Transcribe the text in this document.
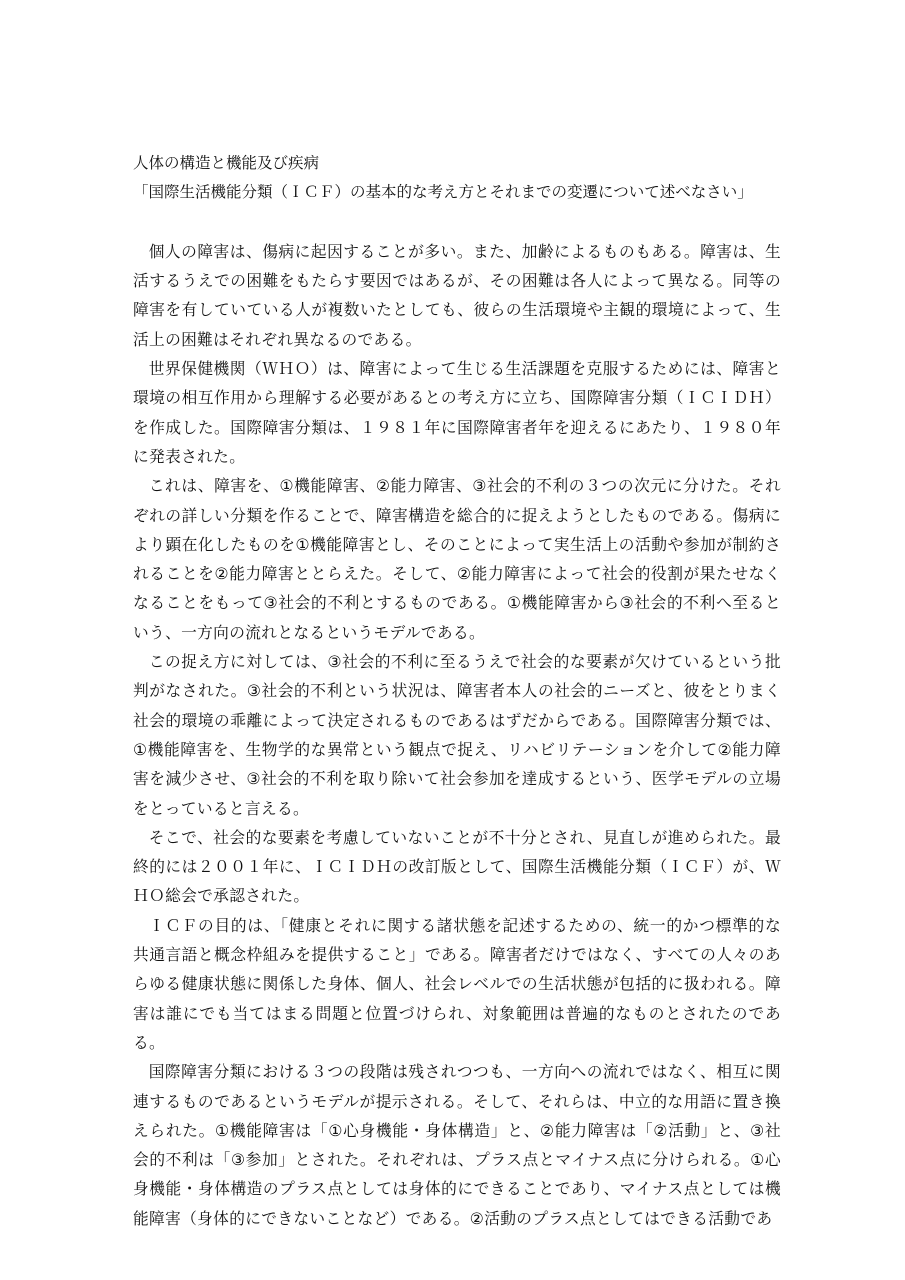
人体の構造と機能及び疾病

「国際生活機能分類（ＩＣＦ）の基本的な考え方とそれまでの変遷について述べなさい」

個人の障害は、傷病に起因することが多い。また、加齢によるものもある。障害は、生活するうえでの困難をもたらす要因ではあるが、その困難は各人によって異なる。同等の障害を有していている人が複数いたとしても、彼らの生活環境や主観的環境によって、生活上の困難はそれぞれ異なるのである。

世界保健機関（ＷＨＯ）は、障害によって生じる生活課題を克服するためには、障害と環境の相互作用から理解する必要があるとの考え方に立ち、国際障害分類（ＩＣＩＤＨ）を作成した。国際障害分類は、１９８１年に国際障害者年を迎えるにあたり、１９８０年に発表された。

これは、障害を、①機能障害、②能力障害、③社会的不利の３つの次元に分けた。それぞれの詳しい分類を作ることで、障害構造を総合的に捉えようとしたものである。傷病により顕在化したものを①機能障害とし、そのことによって実生活上の活動や参加が制約されることを②能力障害ととらえた。そして、②能力障害によって社会的役割が果たせなくなることをもって③社会的不利とするものである。①機能障害から③社会的不利へ至るという、一方向の流れとなるというモデルである。

この捉え方に対しては、③社会的不利に至るうえで社会的な要素が欠けているという批判がなされた。③社会的不利という状況は、障害者本人の社会的ニーズと、彼をとりまく社会的環境の乖離によって決定されるものであるはずだからである。国際障害分類では、①機能障害を、生物学的な異常という観点で捉え、リハビリテーションを介して②能力障害を減少させ、③社会的不利を取り除いて社会参加を達成するという、医学モデルの立場をとっていると言える。

そこで、社会的な要素を考慮していないことが不十分とされ、見直しが進められた。最終的には２００１年に、ＩＣＩＤＨの改訂版として、国際生活機能分類（ＩＣＦ）が、ＷＨＯ総会で承認された。

ＩＣＦの目的は、「健康とそれに関する諸状態を記述するための、統一的かつ標準的な共通言語と概念枠組みを提供すること」である。障害者だけではなく、すべての人々のあらゆる健康状態に関係した身体、個人、社会レベルでの生活状態が包括的に扱われる。障害は誰にでも当てはまる問題と位置づけられ、対象範囲は普遍的なものとされたのである。

国際障害分類における３つの段階は残されつつも、一方向への流れではなく、相互に関連するものであるというモデルが提示される。そして、それらは、中立的な用語に置き換えられた。①機能障害は「①心身機能・身体構造」と、②能力障害は「②活動」と、③社会的不利は「③参加」とされた。それぞれは、プラス点とマイナス点に分けられる。①心身機能・身体構造のプラス点としては身体的にできることであり、マイナス点としては機能障害（身体的にできないことなど）である。②活動のプラス点としてはできる活動であ
